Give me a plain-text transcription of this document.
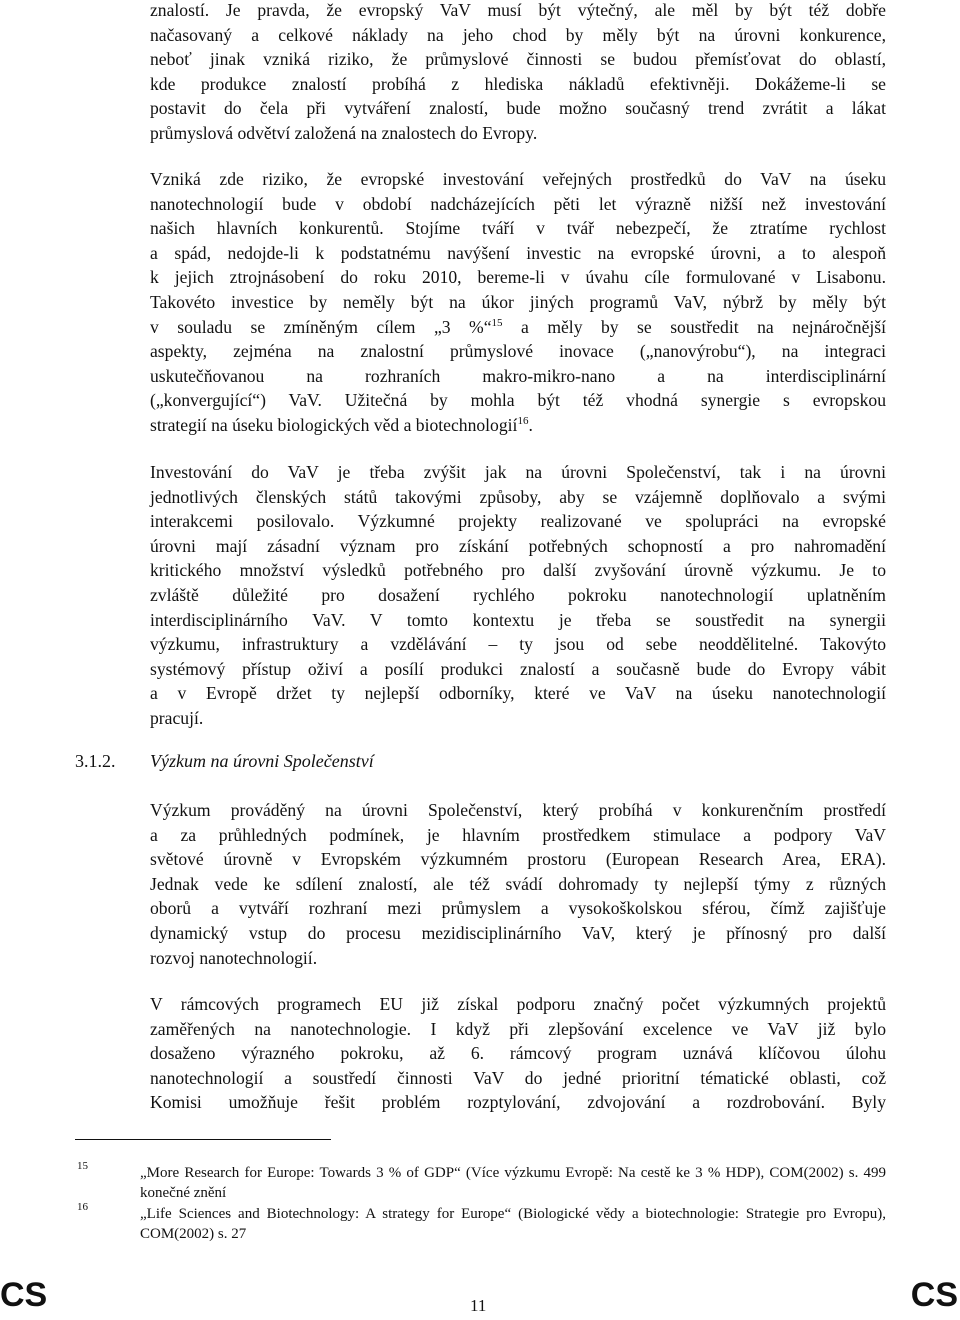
znalostí. Je pravda, že evropský VaV musí být výtečný, ale měl by být též dobře
načasovaný a celkové náklady na jeho chod by měly být na úrovni konkurence,
neboť jinak vzniká riziko, že průmyslové činnosti se budou přemísťovat do oblastí,
kde produkce znalostí probíhá z hlediska nákladů efektivněji. Dokážeme-li se
postavit do čela při vytváření znalostí, bude možno současný trend zvrátit a lákat
průmyslová odvětví založená na znalostech do Evropy.

Vzniká zde riziko, že evropské investování veřejných prostředků do VaV na úseku
nanotechnologií bude v období nadcházejících pěti let výrazně nižší než investování
našich hlavních konkurentů. Stojíme tváří v tvář nebezpečí, že ztratíme rychlost
a spád, nedojde-li k podstatnému navýšení investic na evropské úrovni, a to alespoň
k jejich ztrojnásobení do roku 2010, bereme-li v úvahu cíle formulované v Lisabonu.
Takovéto investice by neměly být na úkor jiných programů VaV, nýbrž by měly být
v souladu se zmíněným cílem „3 %“$^{15}$ a měly by se soustředit na nejnáročnější
aspekty, zejména na znalostní průmyslové inovace („nanovýrobu“), na integraci
uskutečňovanou na rozhraních makro-mikro-nano a na interdisciplinární
(„konvergující“) VaV. Užitečná by mohla být též vhodná synergie s evropskou
strategií na úseku biologických věd a biotechnologií$^{16}$.

Investování do VaV je třeba zvýšit jak na úrovni Společenství, tak i na úrovni
jednotlivých členských států takovými způsoby, aby se vzájemně doplňovalo a svými
interakcemi posilovalo. Výzkumné projekty realizované ve spolupráci na evropské
úrovni mají zásadní význam pro získání potřebných schopností a pro nahromadění
kritického množství výsledků potřebného pro další zvyšování úrovně výzkumu. Je to
zvláště důležité pro dosažení rychlého pokroku nanotechnologií uplatněním
interdisciplinárního VaV. V tomto kontextu je třeba se soustředit na synergii
výzkumu, infrastruktury a vzdělávání – ty jsou od sebe neoddělitelné. Takovýto
systémový přístup oživí a posílí produkci znalostí a současně bude do Evropy vábit
a v Evropě držet ty nejlepší odborníky, které ve VaV na úseku nanotechnologií
pracují.

3.1.2. Výzkum na úrovni Společenství

Výzkum prováděný na úrovni Společenství, který probíhá v konkurenčním prostředí
a za průhledných podmínek, je hlavním prostředkem stimulace a podpory VaV
světové úrovně v Evropském výzkumném prostoru (European Research Area, ERA).
Jednak vede ke sdílení znalostí, ale též svádí dohromady ty nejlepší týmy z různých
oborů a vytváří rozhraní mezi průmyslem a vysokoškolskou sférou, čímž zajišťuje
dynamický vstup do procesu mezidisciplinárního VaV, který je přínosný pro další
rozvoj nanotechnologií.

V rámcových programech EU již získal podporu značný počet výzkumných projektů
zaměřených na nanotechnologie. I když při zlepšování excelence ve VaV již bylo
dosaženo výrazného pokroku, až 6. rámcový program uznává klíčovou úlohu
nanotechnologií a soustředí činnosti VaV do jedné prioritní tématické oblasti, což
Komisi umožňuje řešit problém rozptylování, zdvojování a rozdrobování. Byly

15	„More Research for Europe: Towards 3 % of GDP“ (Více výzkumu Evropě: Na cestě ke 3 % HDP), COM(2002) s. 499 konečné znění
16	„Life Sciences and Biotechnology: A strategy for Europe“ (Biologické vědy a biotechnologie: Strategie pro Evropu), COM(2002) s. 27
CS	11	CS
